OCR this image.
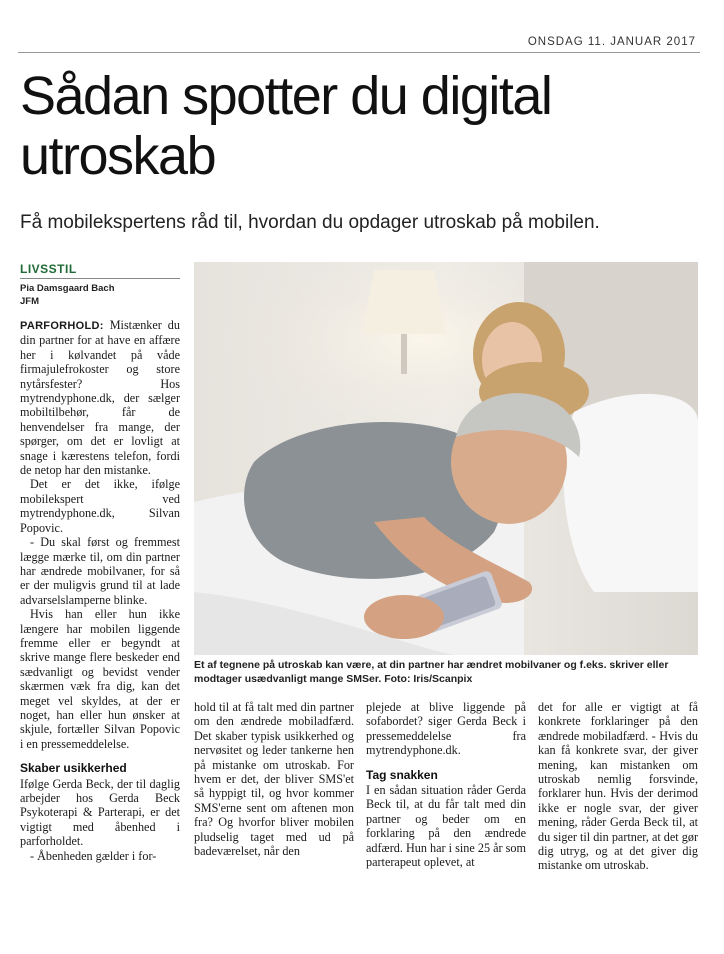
ONSDAG 11. JANUAR 2017
Sådan spotter du digital utroskab
Få mobilekspertens råd til, hvordan du opdager utroskab på mobilen.
LIVSSTIL
Pia Damsgaard Bach
JFM

PARFORHOLD: Mistænker du din partner for at have en affære her i kølvandet på våde firmajulefrokoster og store nytårsfester? Hos mytrendyphone.dk, der sælger mobiltilbehør, får de henvendelser fra mange, der spørger, om det er lovligt at snage i kærestens telefon, fordi de netop har den mistanke.

Det er det ikke, ifølge mobilekspert ved mytrendyphone.dk, Silvan Popovic.

- Du skal først og fremmest lægge mærke til, om din partner har ændrede mobilvaner, for så er der muligvis grund til at lade advarselslamperne blinke.

Hvis han eller hun ikke længere har mobilen liggende fremme eller er begyndt at skrive mange flere beskeder end sædvanligt og bevidst vender skærmen væk fra dig, kan det meget vel skyldes, at der er noget, han eller hun ønsker at skjule, fortæller Silvan Popovic i en pressemeddelelse.

Skaber usikkerhed

Ifølge Gerda Beck, der til daglig arbejder hos Gerda Beck Psykoterapi & Parterapi, er det vigtigt med åbenhed i parforholdet.

- Åbenheden gælder i for-

Et af tegnene på utroskab kan være, at din partner har ændret mobilvaner og f.eks. skriver eller modtager usædvanligt mange SMSer. Foto: Iris/Scanpix

hold til at få talt med din partner om den ændrede mobiladfærd. Det skaber typisk usikkerhed og nervøsitet og leder tankerne hen på mistanke om utroskab. For hvem er det, der bliver SMS'et så hyppigt til, og hvor kommer SMS'erne sent om aftenen mon fra? Og hvorfor bliver mobilen pludselig taget med ud på badeværelset, når den

plejede at blive liggende på sofabordet? siger Gerda Beck i pressemeddelelse fra mytrendyphone.dk.

Tag snakken

I en sådan situation råder Gerda Beck til, at du får talt med din partner og beder om en forklaring på den ændrede adfærd. Hun har i sine 25 år som parterapeut oplevet, at

det for alle er vigtigt at få konkrete forklaringer på den ændrede mobiladfærd. - Hvis du kan få konkrete svar, der giver mening, kan mistanken om utroskab nemlig forsvinde, forklarer hun. Hvis der derimod ikke er nogle svar, der giver mening, råder Gerda Beck til, at du siger til din partner, at det gør dig utryg, og at det giver dig mistanke om utroskab.
